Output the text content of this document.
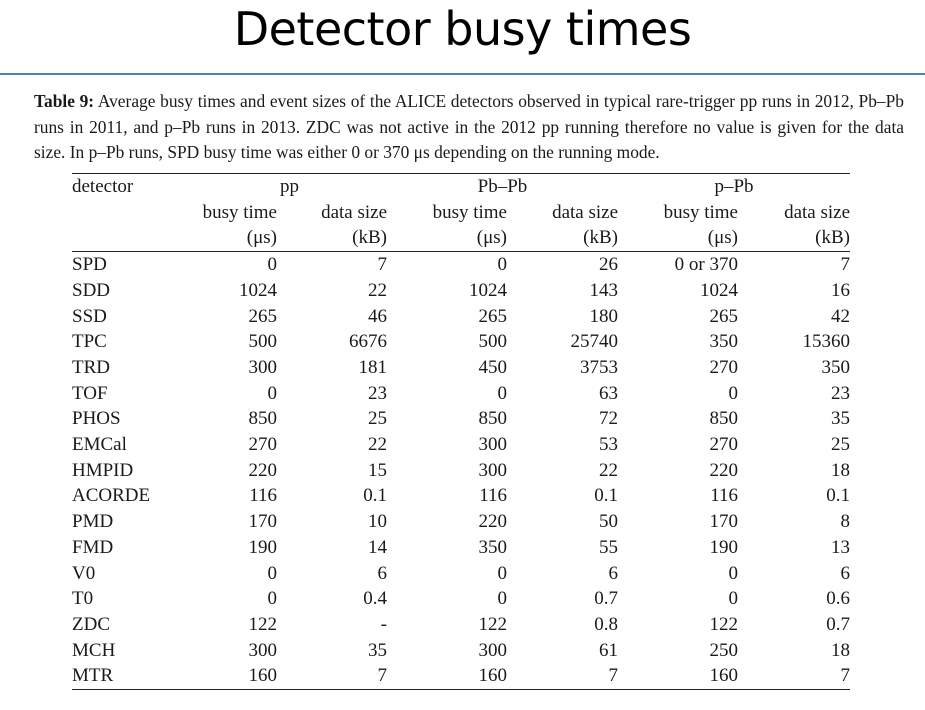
Detector busy times
Table 9: Average busy times and event sizes of the ALICE detectors observed in typical rare-trigger pp runs in 2012, Pb–Pb runs in 2011, and p–Pb runs in 2013. ZDC was not active in the 2012 pp running therefore no value is given for the data size. In p–Pb runs, SPD busy time was either 0 or 370 μs depending on the running mode.
detector	pp		Pb–Pb		p–Pb	
	busy time	data size	busy time	data size	busy time	data size
	(μs)	(kB)	(μs)	(kB)	(μs)	(kB)
SPD	0	7	0	26	0 or 370	7
SDD	1024	22	1024	143	1024	16
SSD	265	46	265	180	265	42
TPC	500	6676	500	25740	350	15360
TRD	300	181	450	3753	270	350
TOF	0	23	0	63	0	23
PHOS	850	25	850	72	850	35
EMCal	270	22	300	53	270	25
HMPID	220	15	300	22	220	18
ACORDE	116	0.1	116	0.1	116	0.1
PMD	170	10	220	50	170	8
FMD	190	14	350	55	190	13
V0	0	6	0	6	0	6
T0	0	0.4	0	0.7	0	0.6
ZDC	122	-	122	0.8	122	0.7
MCH	300	35	300	61	250	18
MTR	160	7	160	7	160	7
